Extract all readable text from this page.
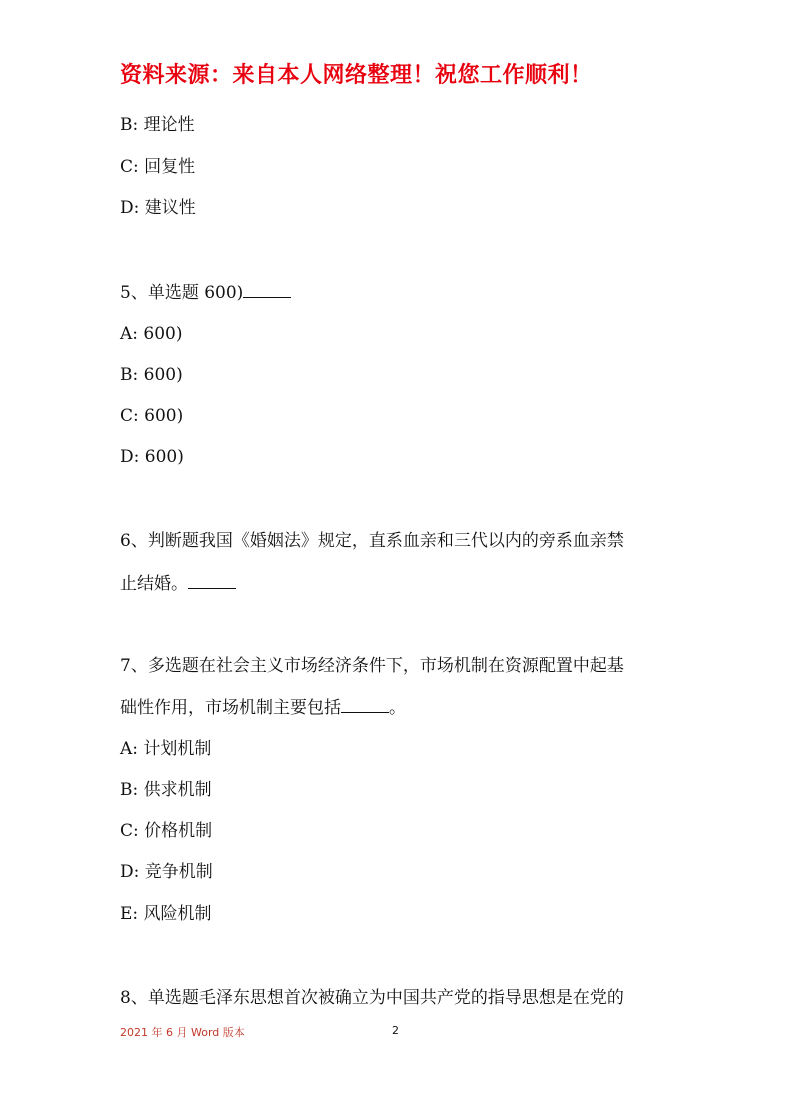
资料来源：来自本人网络整理！祝您工作顺利！
B: 理论性
C: 回复性
D: 建议性
5、单选题 600)
A: 600)
B: 600)
C: 600)
D: 600)
6、判断题我国《婚姻法》规定，直系血亲和三代以内的旁系血亲禁
止结婚。
7、多选题在社会主义市场经济条件下，市场机制在资源配置中起基
础性作用，市场机制主要包括	。
A: 计划机制
B: 供求机制
C: 价格机制
D: 竞争机制
E: 风险机制
8、单选题毛泽东思想首次被确立为中国共产党的指导思想是在党的
2021 年 6 月 Word 版本	2
